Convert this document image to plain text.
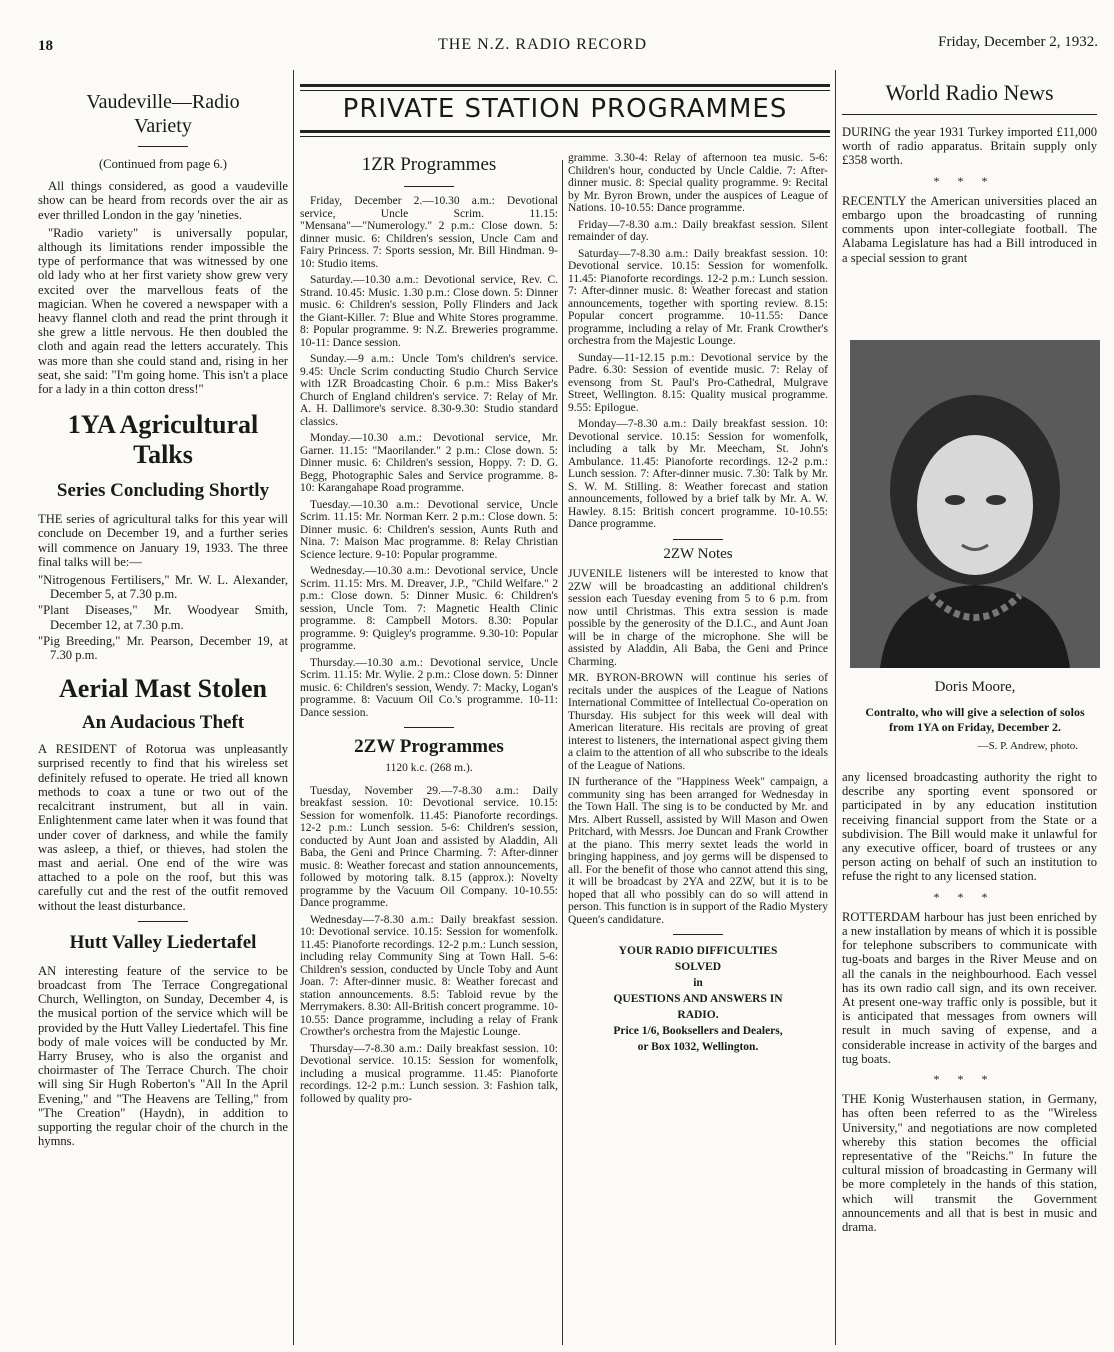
18	THE N.Z. RADIO RECORD	Friday, December 2, 1932.
Vaudeville—Radio
Variety
(Continued from page 6.)

All things considered, as good a vaudeville show can be heard from records over the air as ever thrilled London in the gay 'nineties.

"Radio variety" is universally popular, although its limitations render impossible the type of performance that was witnessed by one old lady who at her first variety show grew very excited over the marvellous feats of the magician. When he covered a newspaper with a heavy flannel cloth and read the print through it she grew a little nervous. He then doubled the cloth and again read the letters accurately. This was more than she could stand and, rising in her seat, she said: "I'm going home. This isn't a place for a lady in a thin cotton dress!"

1YA Agricultural
Talks
Series Concluding Shortly

THE series of agricultural talks for this year will conclude on December 19, and a further series will commence on January 19, 1933. The three final talks will be:—

"Nitrogenous Fertilisers," Mr. W. L. Alexander, December 5, at 7.30 p.m.
"Plant Diseases," Mr. Woodyear Smith, December 12, at 7.30 p.m.
"Pig Breeding," Mr. Pearson, December 19, at 7.30 p.m.
Aerial Mast Stolen
An Audacious Theft

A RESIDENT of Rotorua was unpleasantly surprised recently to find that his wireless set definitely refused to operate. He tried all known methods to coax a tune or two out of the recalcitrant instrument, but all in vain. Enlightenment came later when it was found that under cover of darkness, and while the family was asleep, a thief, or thieves, had stolen the mast and aerial. One end of the wire was attached to a pole on the roof, but this was carefully cut and the rest of the outfit removed without the least disturbance.

Hutt Valley Liedertafel

AN interesting feature of the service to be broadcast from The Terrace Congregational Church, Wellington, on Sunday, December 4, is the musical portion of the service which will be provided by the Hutt Valley Liedertafel. This fine body of male voices will be conducted by Mr. Harry Brusey, who is also the organist and choirmaster of The Terrace Church. The choir will sing Sir Hugh Roberton's "All In the April Evening," and "The Heavens are Telling," from "The Creation" (Haydn), in addition to supporting the regular choir of the church in the hymns.

PRIVATE STATION PROGRAMMES
1ZR Programmes

Friday, December 2.—10.30 a.m.: Devotional service, Uncle Scrim. 11.15: "Mensana"—"Numerology." 2 p.m.: Close down. 5: dinner music. 6: Children's session, Uncle Cam and Fairy Princess. 7: Sports session, Mr. Bill Hindman. 9-10: Studio items.

Saturday.—10.30 a.m.: Devotional service, Rev. C. Strand. 10.45: Music. 1.30 p.m.: Close down. 5: Dinner music. 6: Children's session, Polly Flinders and Jack the Giant-Killer. 7: Blue and White Stores programme. 8: Popular programme. 9: N.Z. Breweries programme. 10-11: Dance session.

Sunday.—9 a.m.: Uncle Tom's children's service. 9.45: Uncle Scrim conducting Studio Church Service with 1ZR Broadcasting Choir. 6 p.m.: Miss Baker's Church of England children's service. 7: Relay of Mr. A. H. Dallimore's service. 8.30-9.30: Studio standard classics.

Monday.—10.30 a.m.: Devotional service, Mr. Garner. 11.15: "Maorilander." 2 p.m.: Close down. 5: Dinner music. 6: Children's session, Hoppy. 7: D. G. Begg, Photographic Sales and Service programme. 8-10: Karangahape Road programme.

Tuesday.—10.30 a.m.: Devotional service, Uncle Scrim. 11.15: Mr. Norman Kerr. 2 p.m.: Close down. 5: Dinner music. 6: Children's session, Aunts Ruth and Nina. 7: Maison Mac programme. 8: Relay Christian Science lecture. 9-10: Popular programme.

Wednesday.—10.30 a.m.: Devotional service, Uncle Scrim. 11.15: Mrs. M. Dreaver, J.P., "Child Welfare." 2 p.m.: Close down. 5: Dinner Music. 6: Children's session, Uncle Tom. 7: Magnetic Health Clinic programme. 8: Campbell Motors. 8.30: Popular programme. 9: Quigley's programme. 9.30-10: Popular programme.

Thursday.—10.30 a.m.: Devotional service, Uncle Scrim. 11.15: Mr. Wylie. 2 p.m.: Close down. 5: Dinner music. 6: Children's session, Wendy. 7: Macky, Logan's programme. 8: Vacuum Oil Co.'s programme. 10-11: Dance session.

2ZW Programmes
1120 k.c. (268 m.).

Tuesday, November 29.—7-8.30 a.m.: Daily breakfast session. 10: Devotional service. 10.15: Session for womenfolk. 11.45: Pianoforte recordings. 12-2 p.m.: Lunch session. 5-6: Children's session, conducted by Aunt Joan and assisted by Aladdin, Ali Baba, the Geni and Prince Charming. 7: After-dinner music. 8: Weather forecast and station announcements, followed by motoring talk. 8.15 (approx.): Novelty programme by the Vacuum Oil Company. 10-10.55: Dance programme.

Wednesday—7-8.30 a.m.: Daily breakfast session. 10: Devotional service. 10.15: Session for womenfolk. 11.45: Pianoforte recordings. 12-2 p.m.: Lunch session, including relay Community Sing at Town Hall. 5-6: Children's session, conducted by Uncle Toby and Aunt Joan. 7: After-dinner music. 8: Weather forecast and station announcements. 8.5: Tabloid revue by the Merrymakers. 8.30: All-British concert programme. 10-10.55: Dance programme, including a relay of Frank Crowther's orchestra from the Majestic Lounge.

Thursday—7-8.30 a.m.: Daily breakfast session. 10: Devotional service. 10.15: Session for womenfolk, including a musical programme. 11.45: Pianoforte recordings. 12-2 p.m.: Lunch session. 3: Fashion talk, followed by quality pro-

gramme. 3.30-4: Relay of afternoon tea music. 5-6: Children's hour, conducted by Uncle Caldie. 7: After-dinner music. 8: Special quality programme. 9: Recital by Mr. Byron Brown, under the auspices of League of Nations. 10-10.55: Dance programme.

Friday—7-8.30 a.m.: Daily breakfast session. Silent remainder of day.

Saturday—7-8.30 a.m.: Daily breakfast session. 10: Devotional service. 10.15: Session for womenfolk. 11.45: Pianoforte recordings. 12-2 p.m.: Lunch session. 7: After-dinner music. 8: Weather forecast and station announcements, together with sporting review. 8.15: Popular concert programme. 10-11.55: Dance programme, including a relay of Mr. Frank Crowther's orchestra from the Majestic Lounge.

Sunday—11-12.15 p.m.: Devotional service by the Padre. 6.30: Session of eventide music. 7: Relay of evensong from St. Paul's Pro-Cathedral, Mulgrave Street, Wellington. 8.15: Quality musical programme. 9.55: Epilogue.

Monday—7-8.30 a.m.: Daily breakfast session. 10: Devotional service. 10.15: Session for womenfolk, including a talk by Mr. Meecham, St. John's Ambulance. 11.45: Pianoforte recordings. 12-2 p.m.: Lunch session. 7: After-dinner music. 7.30: Talk by Mr. S. W. M. Stilling. 8: Weather forecast and station announcements, followed by a brief talk by Mr. A. W. Hawley. 8.15: British concert programme. 10-10.55: Dance programme.

2ZW Notes

JUVENILE listeners will be interested to know that 2ZW will be broadcasting an additional children's session each Tuesday evening from 5 to 6 p.m. from now until Christmas. This extra session is made possible by the generosity of the D.I.C., and Aunt Joan will be in charge of the microphone. She will be assisted by Aladdin, Ali Baba, the Geni and Prince Charming.

MR. BYRON-BROWN will continue his series of recitals under the auspices of the League of Nations International Committee of Intellectual Co-operation on Thursday. His subject for this week will deal with American literature. His recitals are proving of great interest to listeners, the international aspect giving them a claim to the attention of all who subscribe to the ideals of the League of Nations.

IN furtherance of the "Happiness Week" campaign, a community sing has been arranged for Wednesday in the Town Hall. The sing is to be conducted by Mr. and Mrs. Albert Russell, assisted by Will Mason and Owen Pritchard, with Messrs. Joe Duncan and Frank Crowther at the piano. This merry sextet leads the world in bringing happiness, and joy germs will be dispensed to all. For the benefit of those who cannot attend this sing, it will be broadcast by 2YA and 2ZW, but it is to be hoped that all who possibly can do so will attend in person. This function is in support of the Radio Mystery Queen's candidature.

YOUR RADIO DIFFICULTIES
SOLVED
in
QUESTIONS AND ANSWERS IN
RADIO.
Price 1/6, Booksellers and Dealers,
or Box 1032, Wellington.
World Radio News

DURING the year 1931 Turkey imported £11,000 worth of radio apparatus. Britain supply only £358 worth.

***

RECENTLY the American universities placed an embargo upon the broadcasting of running comments upon inter-collegiate football. The Alabama Legislature has had a Bill introduced in a special session to grant

Doris Moore,
Contralto, who will give a selection of solos from 1YA on Friday, December 2.
—S. P. Andrew, photo.

any licensed broadcasting authority the right to describe any sporting event sponsored or participated in by any education institution receiving financial support from the State or a subdivision. The Bill would make it unlawful for any executive officer, board of trustees or any person acting on behalf of such an institution to refuse the right to any licensed station.

***

ROTTERDAM harbour has just been enriched by a new installation by means of which it is possible for telephone subscribers to communicate with tug-boats and barges in the River Meuse and on all the canals in the neighbourhood. Each vessel has its own radio call sign, and its own receiver. At present one-way traffic only is possible, but it is anticipated that messages from owners will result in much saving of expense, and a considerable increase in activity of the barges and tug boats.

***

THE Konig Wusterhausen station, in Germany, has often been referred to as the "Wireless University," and negotiations are now completed whereby this station becomes the official representative of the "Reichs." In future the cultural mission of broadcasting in Germany will be more completely in the hands of this station, which will transmit the Government announcements and all that is best in music and drama.
